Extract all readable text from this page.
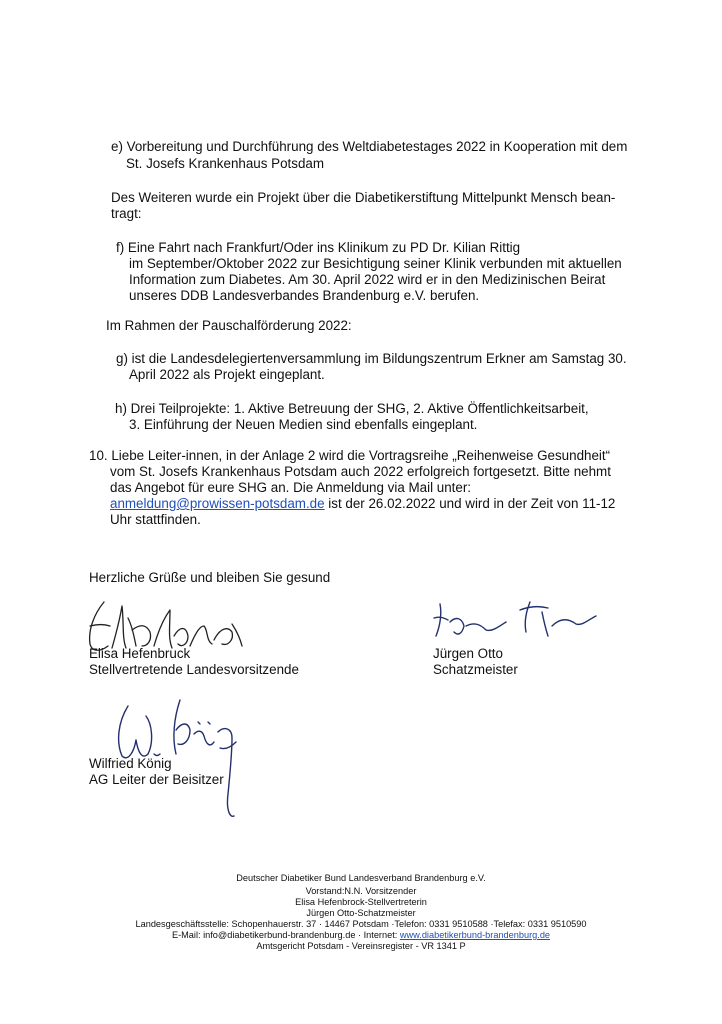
e) Vorbereitung und Durchführung des Weltdiabetestages 2022 in Kooperation mit dem
St. Josefs Krankenhaus Potsdam
Des Weiteren wurde ein Projekt über die Diabetikerstiftung Mittelpunkt Mensch bean-
tragt:
f) Eine Fahrt nach Frankfurt/Oder ins Klinikum zu PD Dr. Kilian Rittig
im September/Oktober 2022 zur Besichtigung seiner Klinik verbunden mit aktuellen
Information zum Diabetes. Am 30. April 2022 wird er in den Medizinischen Beirat
unseres DDB Landesverbandes Brandenburg e.V. berufen.
Im Rahmen der Pauschalförderung 2022:
g) ist die Landesdelegiertenversammlung im Bildungszentrum Erkner am Samstag 30.
April 2022 als Projekt eingeplant.
h) Drei Teilprojekte: 1. Aktive Betreuung der SHG, 2. Aktive Öffentlichkeitsarbeit,
3. Einführung der Neuen Medien sind ebenfalls eingeplant.
10. Liebe Leiter-innen, in der Anlage 2 wird die Vortragsreihe „Reihenweise Gesundheit“
vom St. Josefs Krankenhaus Potsdam auch 2022 erfolgreich fortgesetzt. Bitte nehmt
das Angebot für eure SHG an. Die Anmeldung via Mail unter:
anmeldung@prowissen-potsdam.de ist der 26.02.2022 und wird in der Zeit von 11-12
Uhr stattfinden.
Herzliche Grüße und bleiben Sie gesund
Elisa Hefenbruck
Stellvertretende Landesvorsitzende
Jürgen Otto
Schatzmeister
Wilfried König
AG Leiter der Beisitzer
Deutscher Diabetiker Bund Landesverband Brandenburg e.V.
Vorstand:N.N. Vorsitzender
Elisa Hefenbrock-Stellvertreterin
Jürgen Otto-Schatzmeister
Landesgeschäftsstelle: Schopenhauerstr. 37 · 14467 Potsdam ·Telefon: 0331 9510588 ·Telefax: 0331 9510590
E-Mail: info@diabetikerbund-brandenburg.de · Internet: www.diabetikerbund-brandenburg.de
Amtsgericht Potsdam - Vereinsregister - VR 1341 P
